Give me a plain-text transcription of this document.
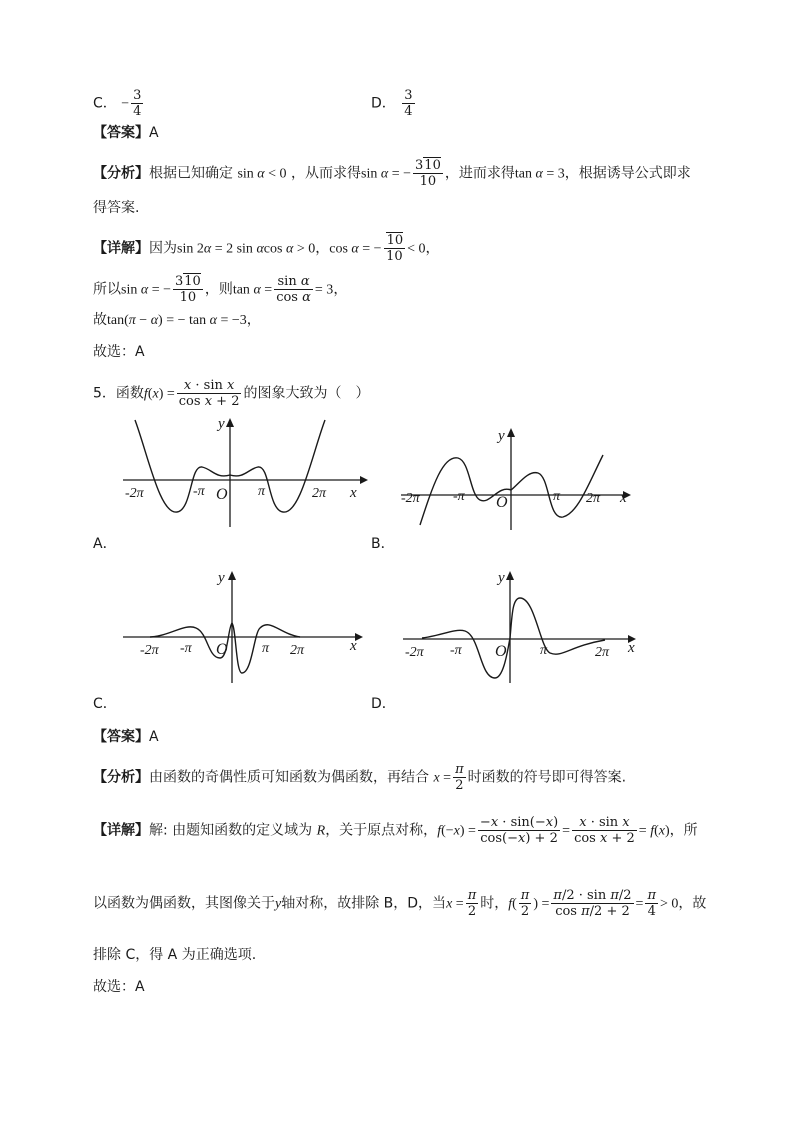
C． − $\frac{3}{4}$	D． $\frac{3}{4}$
【答案】A
【分析】根据已知确定 sin α < 0 ，从而求得sin α = − $\frac{310}{10}$ ，进而求得tan α = 3，根据诱导公式即求
得答案.
【详解】因为sin 2α = 2 sin αcos α > 0，cos α = − $\frac{10}{10} < 0$，
所以sin α = − $\frac{310}{10}$ ，则$\tan \alpha = \frac{\text{sin α}}{\text{cos α}} = 3$，
故tan(π − α) = − tan α = −3，
故选：A
5．函数$f(x) = \frac{\text{x · sin x}}{\text{cos x + 2}}$ 的图象大致为（　）
y
x
O
-2π	-π	π	2π
A．
y
x
O
-2π -π	π 2π
B．
y
x
O
-2π -π	π 2π
C．
y
x
O
-2π -π	π	2π
D．
【答案】A
【分析】由函数的奇偶性质可知函数为偶函数，再结合 $x = \frac{\pi}{2}$ 时函数的符号即可得答案.
【详解】解: 由题知函数的定义域为 R，关于原点对称，$f(-x) = \frac{-x \cdot \sin(-x)}{\cos(-x) + 2} = \frac{\text{x · sin x}}{\text{cos x + 2}} = f(x)$，所
以函数为偶函数，其图像关于y轴对称，故排除 B，D，当$x = \frac{\pi}{2}$ 时，$f( \frac{\pi}{2}$ ) = $\frac{\text{π/2 · sin π/2}}{\text{cos π/2 + 2}} = \frac{\pi}{4} > 0$，故
排除 C，得 A 为正确选项.
故选：A
